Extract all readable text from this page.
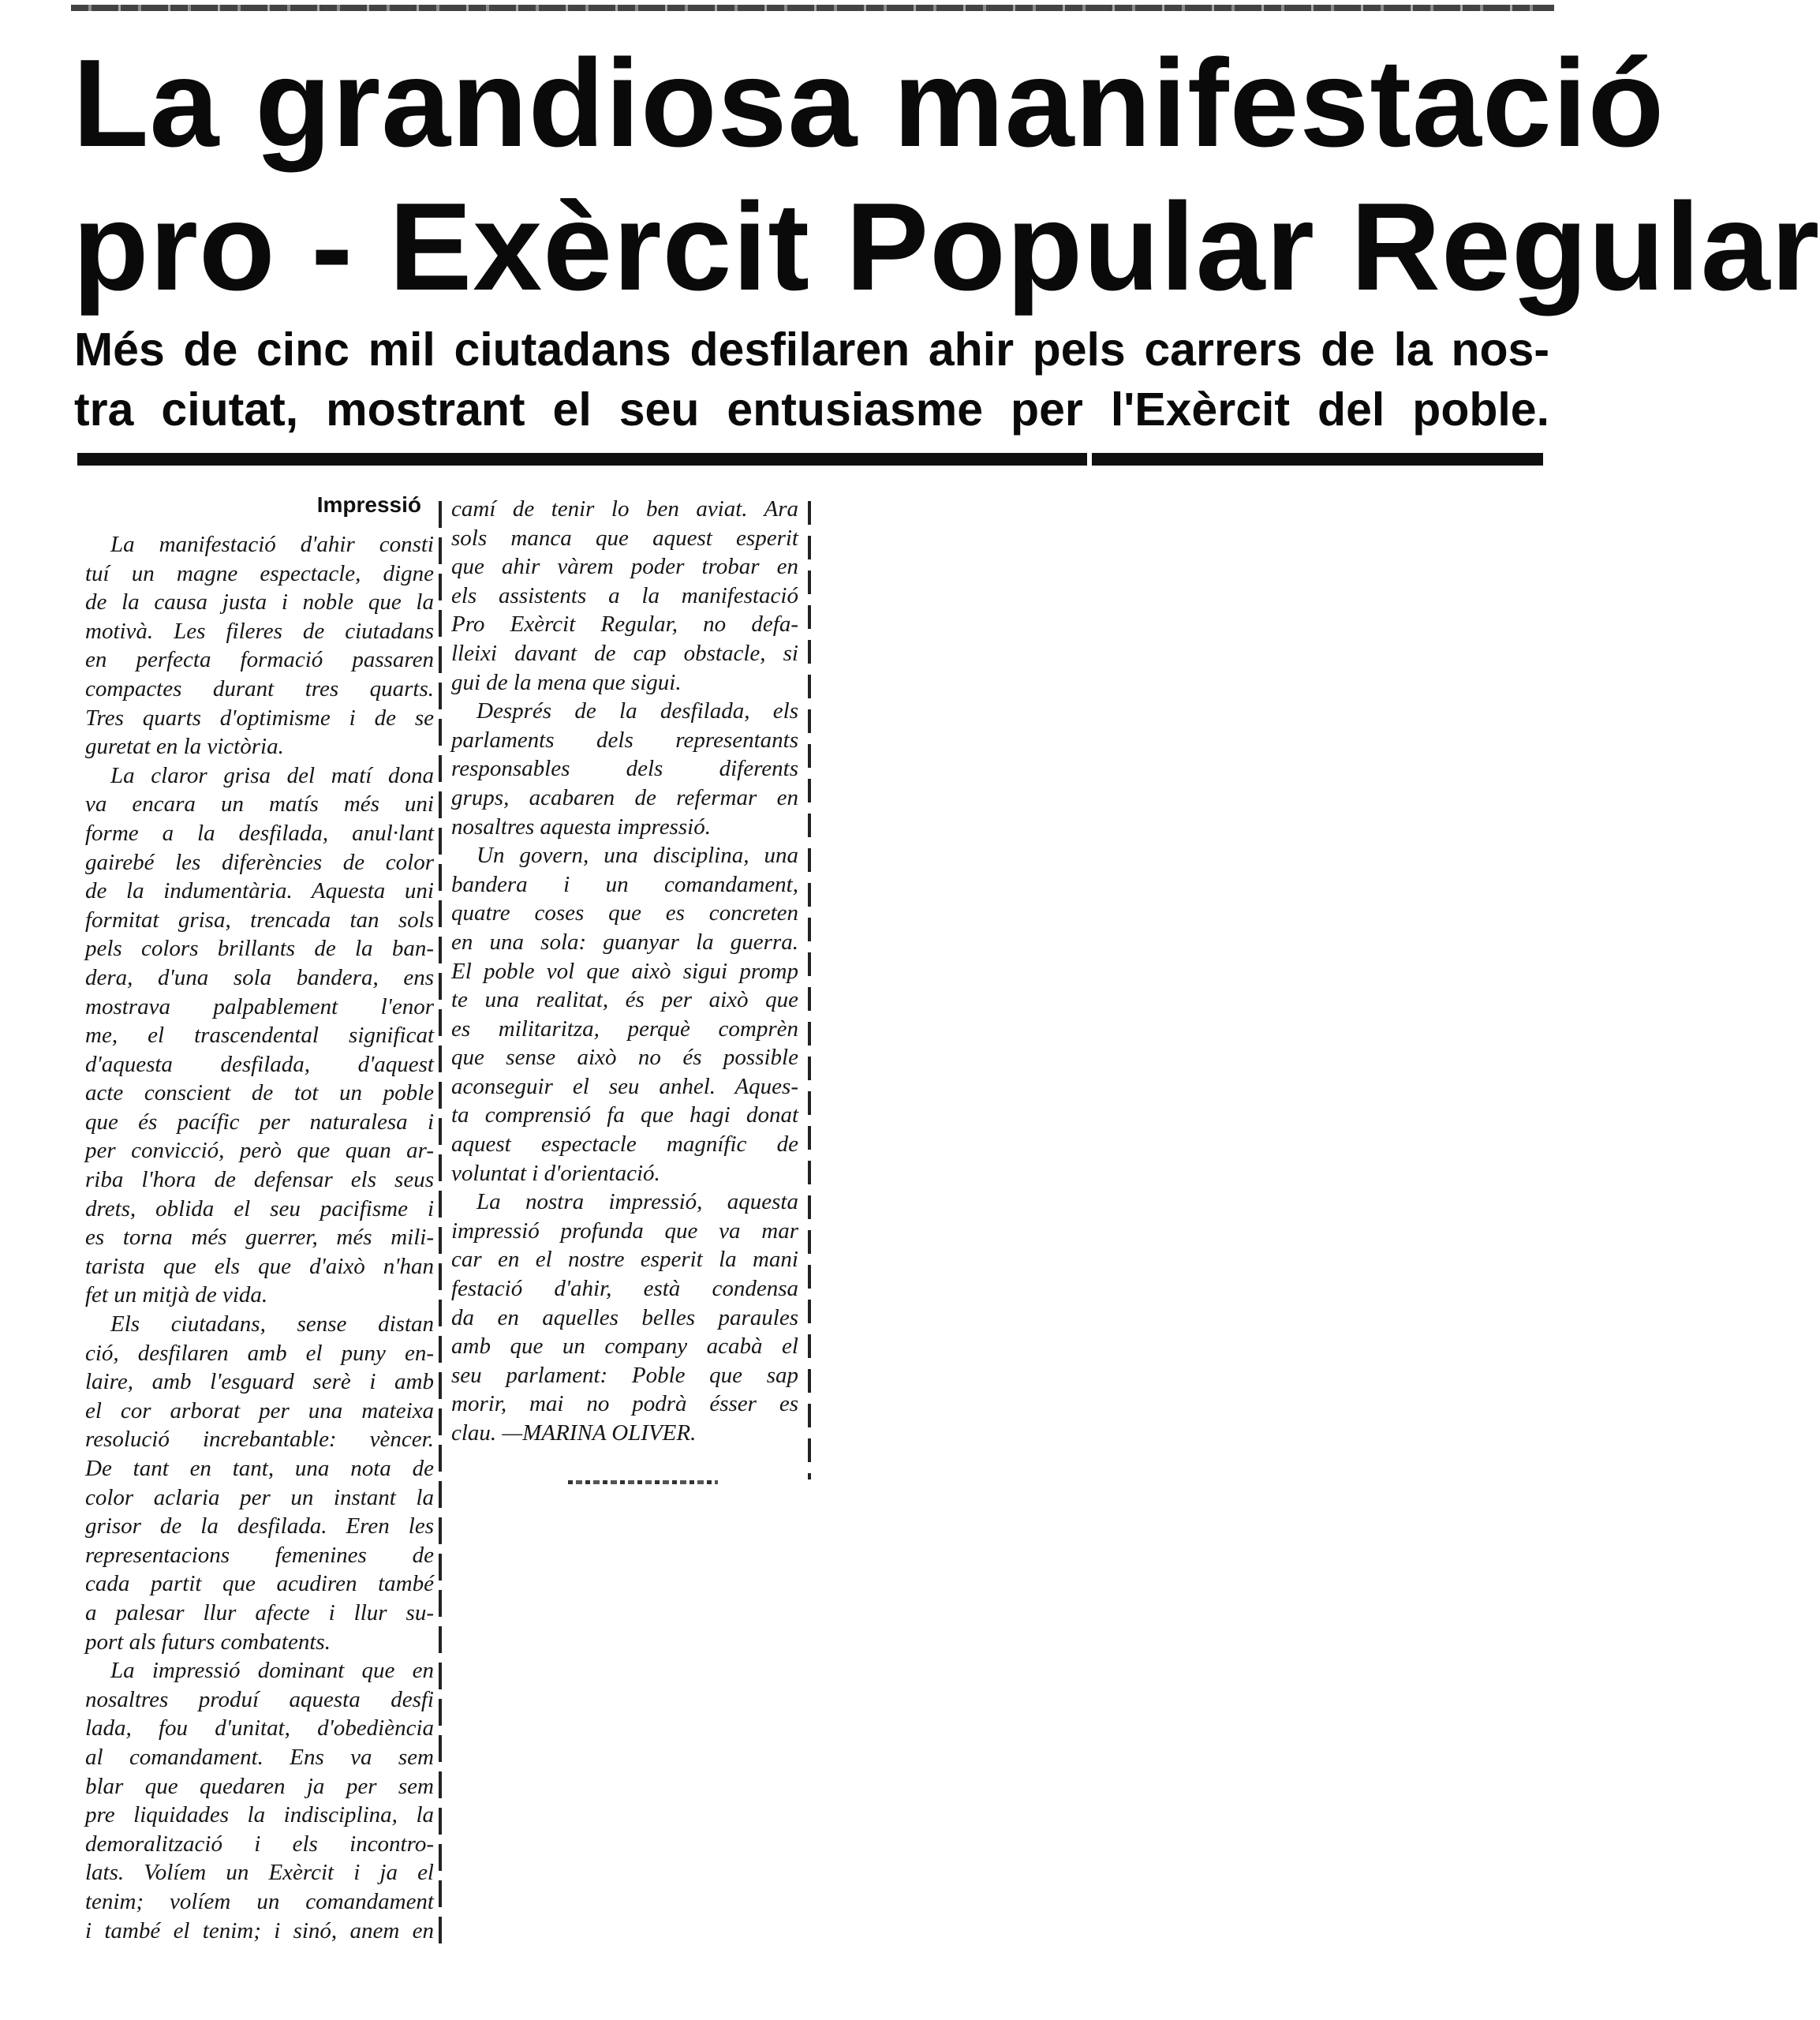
La grandiosa manifestació
pro - Exèrcit Popular Regular
Més de cinc mil ciutadans desfilaren ahir pels carrers de la nos-
tra ciutat, mostrant el seu entusiasme per l'Exèrcit del poble.
Impressió
La manifestació d'ahir consti
tuí un magne espectacle, digne
de la causa justa i noble que la
motivà. Les fileres de ciutadans
en perfecta formació passaren
compactes durant tres quarts.
Tres quarts d'optimisme i de se
guretat en la victòria.
La claror grisa del matí dona
va encara un matís més uni
forme a la desfilada, anul·lant
gairebé les diferències de color
de la indumentària. Aquesta uni
formitat grisa, trencada tan sols
pels colors brillants de la ban-
dera, d'una sola bandera, ens
mostrava palpablement l'enor
me, el trascendental significat
d'aquesta desfilada, d'aquest
acte conscient de tot un poble
que és pacífic per naturalesa i
per convicció, però que quan ar-
riba l'hora de defensar els seus
drets, oblida el seu pacifisme i
es torna més guerrer, més mili-
tarista que els que d'això n'han
fet un mitjà de vida.
Els ciutadans, sense distan
ció, desfilaren amb el puny en-
laire, amb l'esguard serè i amb
el cor arborat per una mateixa
resolució increbantable: vèncer.
De tant en tant, una nota de
color aclaria per un instant la
grisor de la desfilada. Eren les
representacions femenines de
cada partit que acudiren també
a palesar llur afecte i llur su-
port als futurs combatents.
La impressió dominant que en
nosaltres produí aquesta desfi
lada, fou d'unitat, d'obediència
al comandament. Ens va sem
blar que quedaren ja per sem
pre liquidades la indisciplina, la
demoralització i els incontro-
lats. Volíem un Exèrcit i ja el
tenim; volíem un comandament
i també el tenim; i sinó, anem en
camí de tenir lo ben aviat. Ara
sols manca que aquest esperit
que ahir vàrem poder trobar en
els assistents a la manifestació
Pro Exèrcit Regular, no defa-
lleixi davant de cap obstacle, si
gui de la mena que sigui.
Després de la desfilada, els
parlaments dels representants
responsables dels diferents
grups, acabaren de refermar en
nosaltres aquesta impressió.
Un govern, una disciplina, una
bandera i un comandament,
quatre coses que es concreten
en una sola: guanyar la guerra.
El poble vol que això sigui promp
te una realitat, és per això que
es militaritza, perquè comprèn
que sense això no és possible
aconseguir el seu anhel. Aques-
ta comprensió fa que hagi donat
aquest espectacle magnífic de
voluntat i d'orientació.
La nostra impressió, aquesta
impressió profunda que va mar
car en el nostre esperit la mani
festació d'ahir, està condensa
da en aquelles belles paraules
amb que un company acabà el
seu parlament: Poble que sap
morir, mai no podrà ésser es
clau. —MARINA OLIVER.
